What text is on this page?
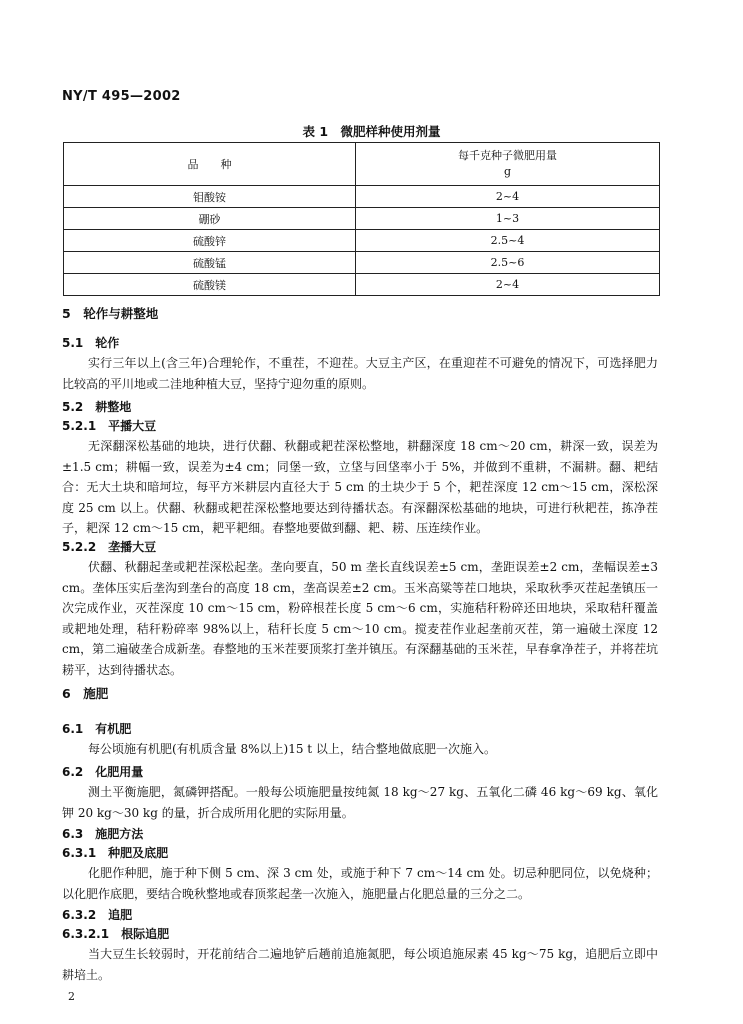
NY/T 495—2002
表 1　微肥样种使用剂量
品　　种	每千克种子微肥用量
g

钼酸铵	2~4
硼砂	1~3
硫酸锌	2.5~4
硫酸锰	2.5~6
硫酸镁	2~4
5　轮作与耕整地
5.1　轮作
实行三年以上(含三年)合理轮作，不重茬，不迎茬。大豆主产区，在重迎茬不可避免的情况下，可选择肥力比较高的平川地或二洼地种植大豆，坚持宁迎勿重的原则。
5.2　耕整地
5.2.1　平播大豆
无深翻深松基础的地块，进行伏翻、秋翻或耙茬深松整地，耕翻深度 18 cm～20 cm，耕深一致，误差为±1.5 cm；耕幅一致，误差为±4 cm；同堡一致，立垡与回垡率小于 5%，并做到不重耕，不漏耕。翻、耙结合：无大土块和暗坷垃，每平方米耕层内直径大于 5 cm 的土块少于 5 个，耙茬深度 12 cm～15 cm，深松深度 25 cm 以上。伏翻、秋翻或耙茬深松整地要达到待播状态。有深翻深松基础的地块，可进行秋耙茬，拣净茬子，耙深 12 cm～15 cm，耙平耙细。春整地要做到翻、耙、耢、压连续作业。
5.2.2　垄播大豆
伏翻、秋翻起垄或耙茬深松起垄。垄向要直，50 m 垄长直线误差±5 cm，垄距误差±2 cm，垄幅误差±3 cm。垄体压实后垄沟到垄台的高度 18 cm，垄高误差±2 cm。玉米高粱等茬口地块，采取秋季灭茬起垄镇压一次完成作业，灭茬深度 10 cm～15 cm，粉碎根茬长度 5 cm～6 cm，实施秸秆粉碎还田地块，采取秸秆覆盖或耙地处理，秸秆粉碎率 98%以上，秸秆长度 5 cm～10 cm。搅麦茬作业起垄前灭茬，第一遍破土深度 12 cm，第二遍破垄合成新垄。春整地的玉米茬要顶浆打垄并镇压。有深翻基础的玉米茬，早春拿净茬子，并将茬坑耢平，达到待播状态。
6　施肥
6.1　有机肥
每公顷施有机肥(有机质含量 8%以上)15 t 以上，结合整地做底肥一次施入。
6.2　化肥用量
测土平衡施肥，氮磷钾搭配。一般每公顷施肥量按纯氮 18 kg～27 kg、五氧化二磷 46 kg～69 kg、氧化钾 20 kg～30 kg 的量，折合成所用化肥的实际用量。
6.3　施肥方法
6.3.1　种肥及底肥
化肥作种肥，施于种下侧 5 cm、深 3 cm 处，或施于种下 7 cm～14 cm 处。切忌种肥同位，以免烧种；以化肥作底肥，要结合晚秋整地或春顶浆起垄一次施入，施肥量占化肥总量的三分之二。
6.3.2　追肥
6.3.2.1　根际追肥
当大豆生长较弱时，开花前结合二遍地铲后趟前追施氮肥，每公顷追施尿素 45 kg～75 kg，追肥后立即中耕培土。
2
